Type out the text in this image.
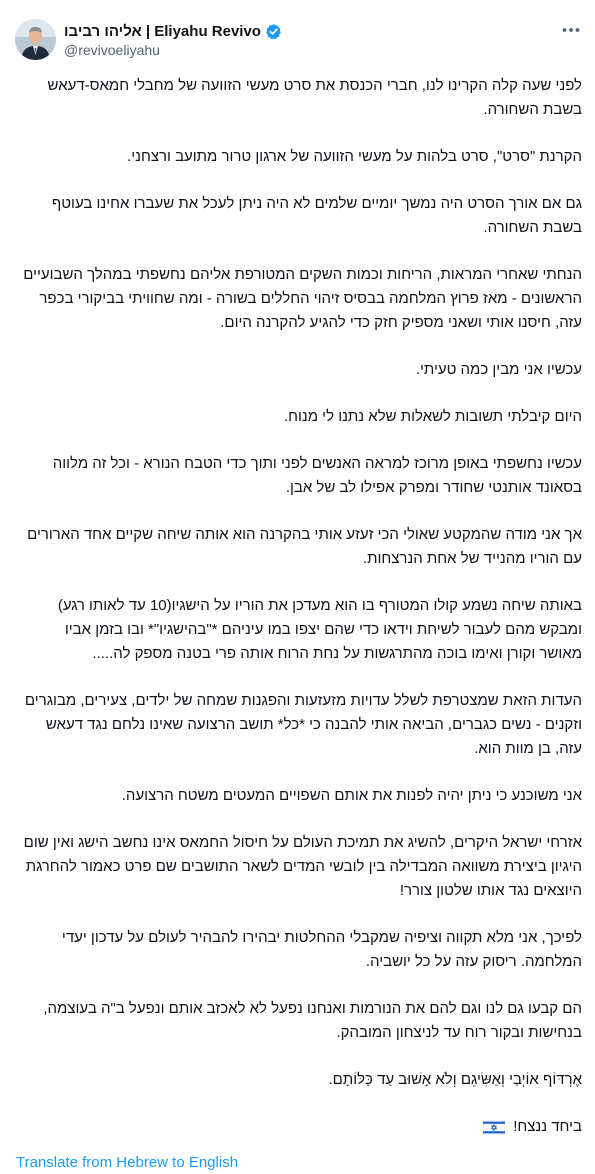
אליהו רביבו | Eliyahu Revivo
@revivoeliyahu

לפני שעה קלה הקרינו לנו, חברי הכנסת את סרט מעשי הזוועה של מחבלי חמאס-דעאש בשבת השחורה.

הקרנת "סרט", סרט בלהות על מעשי הזוועה של ארגון טרור מתועב ורצחני.

גם אם אורך הסרט היה נמשך יומיים שלמים לא היה ניתן לעכל את שעברו אחינו בעוטף בשבת השחורה.

הנחתי שאחרי המראות, הריחות וכמות השקים המטורפת אליהם נחשפתי במהלך השבועיים הראשונים - מאז פרוץ המלחמה בבסיס זיהוי החללים בשורה - ומה שחוויתי בביקורי בכפר עזה, חיסנו אותי ושאני מספיק חזק כדי להגיע להקרנה היום.

עכשיו אני מבין כמה טעיתי.

היום קיבלתי תשובות לשאלות שלא נתנו לי מנוח.

עכשיו נחשפתי באופן מרוכז למראה האנשים לפני ותוך כדי הטבח הנורא - וכל זה מלווה בסאונד אותנטי שחודר ומפרק אפילו לב של אבן.

אך אני מודה שהמקטע שאולי הכי זעזע אותי בהקרנה הוא אותה שיחה שקיים אחד הארורים עם הוריו מהנייד של אחת הנרצחות.

באותה שיחה נשמע קולו המטורף בו הוא מעדכן את הוריו על הישגיו(10 עד לאותו רגע) ומבקש מהם לעבור לשיחת וידאו כדי שהם יצפו במו עיניהם *"בהישגיו"* ובו בזמן אביו מאושר וקורן ואימו בוכה מהתרגשות על נחת הרוח אותה פרי בטנה מספק לה.....

העדות הזאת שמצטרפת לשלל עדויות מזעזעות והפגנות שמחה של ילדים, צעירים, מבוגרים וזקנים - נשים כגברים, הביאה אותי להבנה כי *כל* תושב הרצועה שאינו נלחם נגד דעאש עזה, בן מוות הוא.

אני משוכנע כי ניתן יהיה לפנות את אותם השפויים המעטים משטח הרצועה.

אזרחי ישראל היקרים, להשיג את תמיכת העולם על חיסול החמאס אינו נחשב הישג ואין שום היגיון ביצירת משוואה המבדילה בין לובשי המדים לשאר התושבים שם פרט כאמור להחרגת היוצאים נגד אותו שלטון צורר!

לפיכך, אני מלא תקווה וציפיה שמקבלי ההחלטות יבהירו להבהיר לעולם על עדכון יעדי המלחמה. ריסוק עזה על כל יושביה.

הם קבעו גם לנו וגם להם את הנורמות ואנחנו נפעל לא לאכזב אותם ונפעל ב"ה בעוצמה, בנחישות ובקור רוח עד לניצחון המובהק.

אֶרְדּוֹף אוֹיְבַי וְאַשִּׂיגֵם וְלֹא אָשׁוּב עַד כַּלּוֹתָם.

ביחד ננצח!

Translate from Hebrew to English
